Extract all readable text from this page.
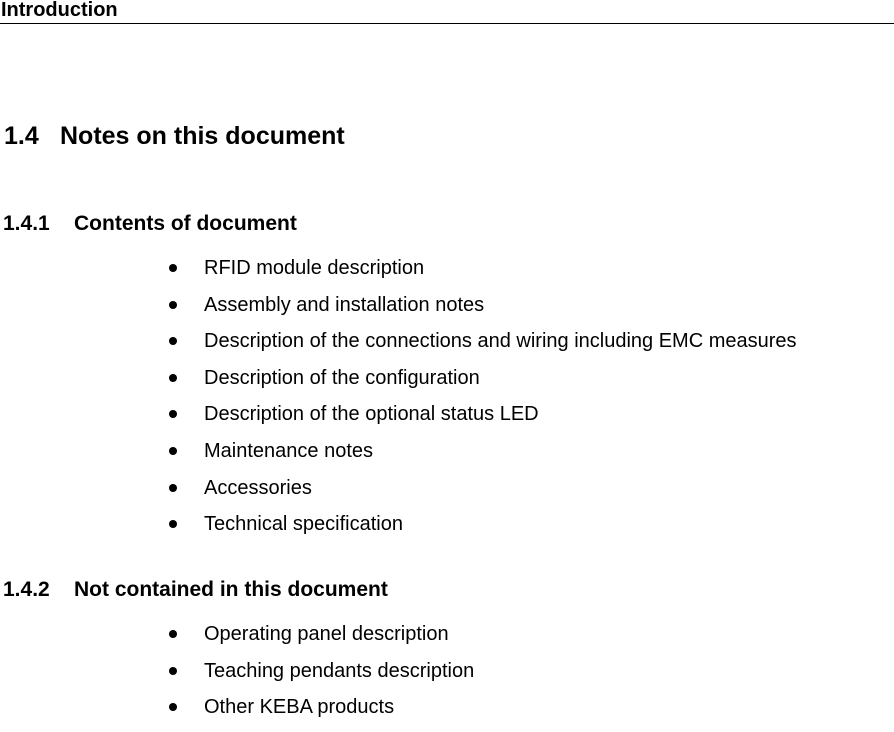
Introduction
1.4 Notes on this document
1.4.1 Contents of document
RFID module description
Assembly and installation notes
Description of the connections and wiring including EMC measures
Description of the configuration
Description of the optional status LED
Maintenance notes
Accessories
Technical specification
1.4.2 Not contained in this document
Operating panel description
Teaching pendants description
Other KEBA products
